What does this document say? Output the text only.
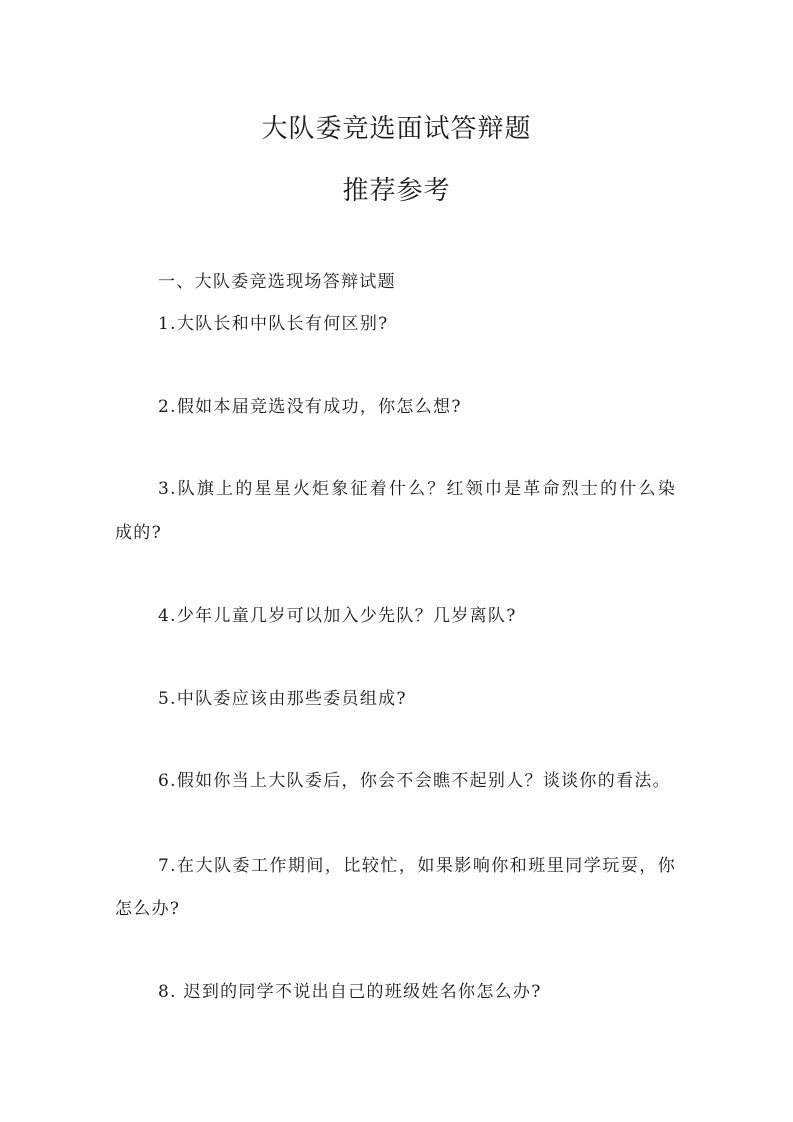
大队委竞选面试答辩题
推荐参考
一、大队委竞选现场答辩试题
1.大队长和中队长有何区别?
2.假如本届竞选没有成功，你怎么想?
3.队旗上的星星火炬象征着什么？红领巾是革命烈士的什么染
成的?
4.少年儿童几岁可以加入少先队？几岁离队?
5.中队委应该由那些委员组成?
6.假如你当上大队委后，你会不会瞧不起别人？谈谈你的看法。
7.在大队委工作期间，比较忙，如果影响你和班里同学玩耍，你
怎么办?
8. 迟到的同学不说出自己的班级姓名你怎么办?
